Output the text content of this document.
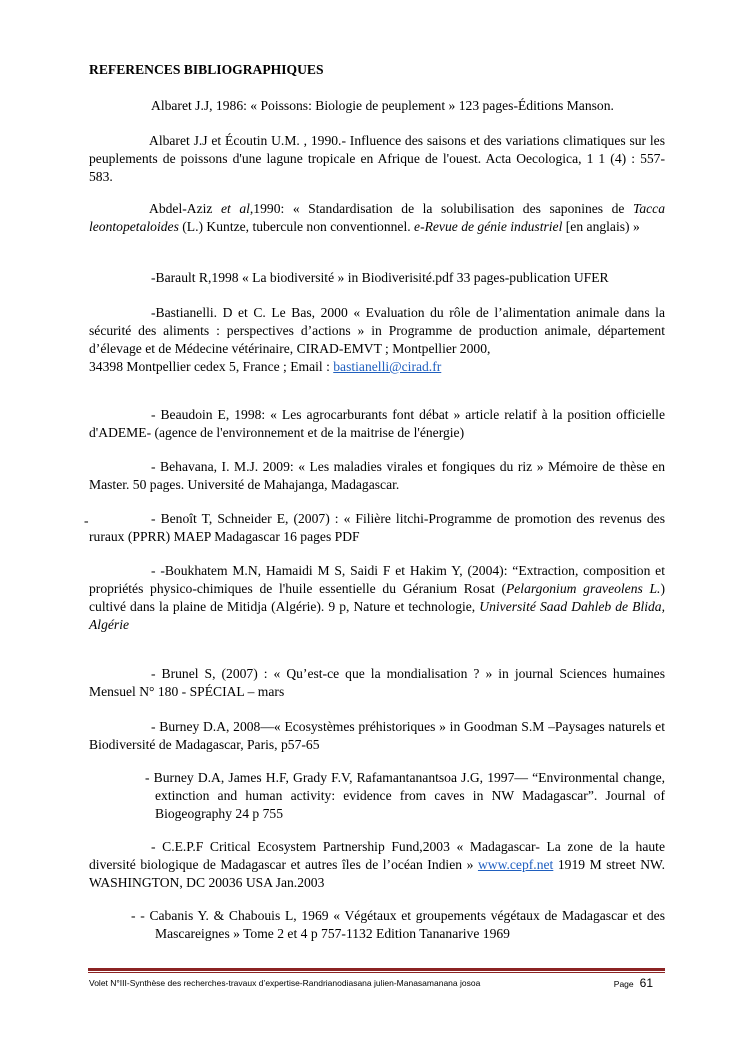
REFERENCES BIBLIOGRAPHIQUES

Albaret J.J, 1986: « Poissons: Biologie de peuplement » 123 pages-Éditions Manson.

Albaret J.J et Écoutin U.M. , 1990.- Influence des saisons et des variations climatiques sur les peuplements de poissons d'une lagune tropicale en Afrique de l'ouest. Acta Oecologica, 1 1 (4) : 557- 583.

Abdel-Aziz et al,1990: « Standardisation de la solubilisation des saponines de Tacca leontopetaloides (L.) Kuntze, tubercule non conventionnel. e-Revue de génie industriel [en anglais) »

-Barault R,1998 « La biodiversité » in Biodiverisité.pdf 33 pages-publication UFER

-Bastianelli. D et C. Le Bas, 2000 « Evaluation du rôle de l’alimentation animale dans la sécurité des aliments : perspectives d’actions » in Programme de production animale, département d’élevage et de Médecine vétérinaire, CIRAD-EMVT ; Montpellier 2000,

34398 Montpellier cedex 5, France ; Email : bastianelli@cirad.fr

- Beaudoin E, 1998: « Les agrocarburants font débat » article relatif à la position officielle d'ADEME- (agence de l'environnement et de la maitrise de l'énergie)

- Behavana, I. M.J. 2009: « Les maladies virales et fongiques du riz » Mémoire de thèse en Master. 50 pages. Université de Mahajanga, Madagascar.

-	- Benoît T, Schneider E, (2007) : « Filière litchi-Programme de promotion des revenus des ruraux (PPRR) MAEP Madagascar 16 pages PDF

- -Boukhatem M.N, Hamaidi M S, Saidi F et Hakim Y, (2004): “Extraction, composition et propriétés physico-chimiques de l'huile essentielle du Géranium Rosat (Pelargonium graveolens L.) cultivé dans la plaine de Mitidja (Algérie). 9 p, Nature et technologie, Université Saad Dahleb de Blida, Algérie

- Brunel S, (2007) : « Qu’est-ce que la mondialisation ? » in journal Sciences humaines Mensuel N° 180 - SPÉCIAL – mars

- Burney D.A, 2008—« Ecosystèmes préhistoriques » in Goodman S.M –Paysages naturels et Biodiversité de Madagascar, Paris, p57-65

- Burney D.A, James H.F, Grady F.V, Rafamantanantsoa J.G, 1997— “Environmental change, extinction and human activity: evidence from caves in NW Madagascar”. Journal of Biogeography 24 p 755

- C.E.P.F Critical Ecosystem Partnership Fund,2003 « Madagascar- La zone de la haute diversité biologique de Madagascar et autres îles de l’océan Indien » www.cepf.net 1919 M street NW. WASHINGTON, DC 20036 USA Jan.2003

- - Cabanis Y. & Chabouis L, 1969 « Végétaux et groupements végétaux de Madagascar et des Mascareignes » Tome 2 et 4 p 757-1132 Edition Tananarive 1969

Volet N°III-Synthèse des recherches-travaux d’expertise-Randrianodiasana julien-Manasamanana josoa	Page 61
